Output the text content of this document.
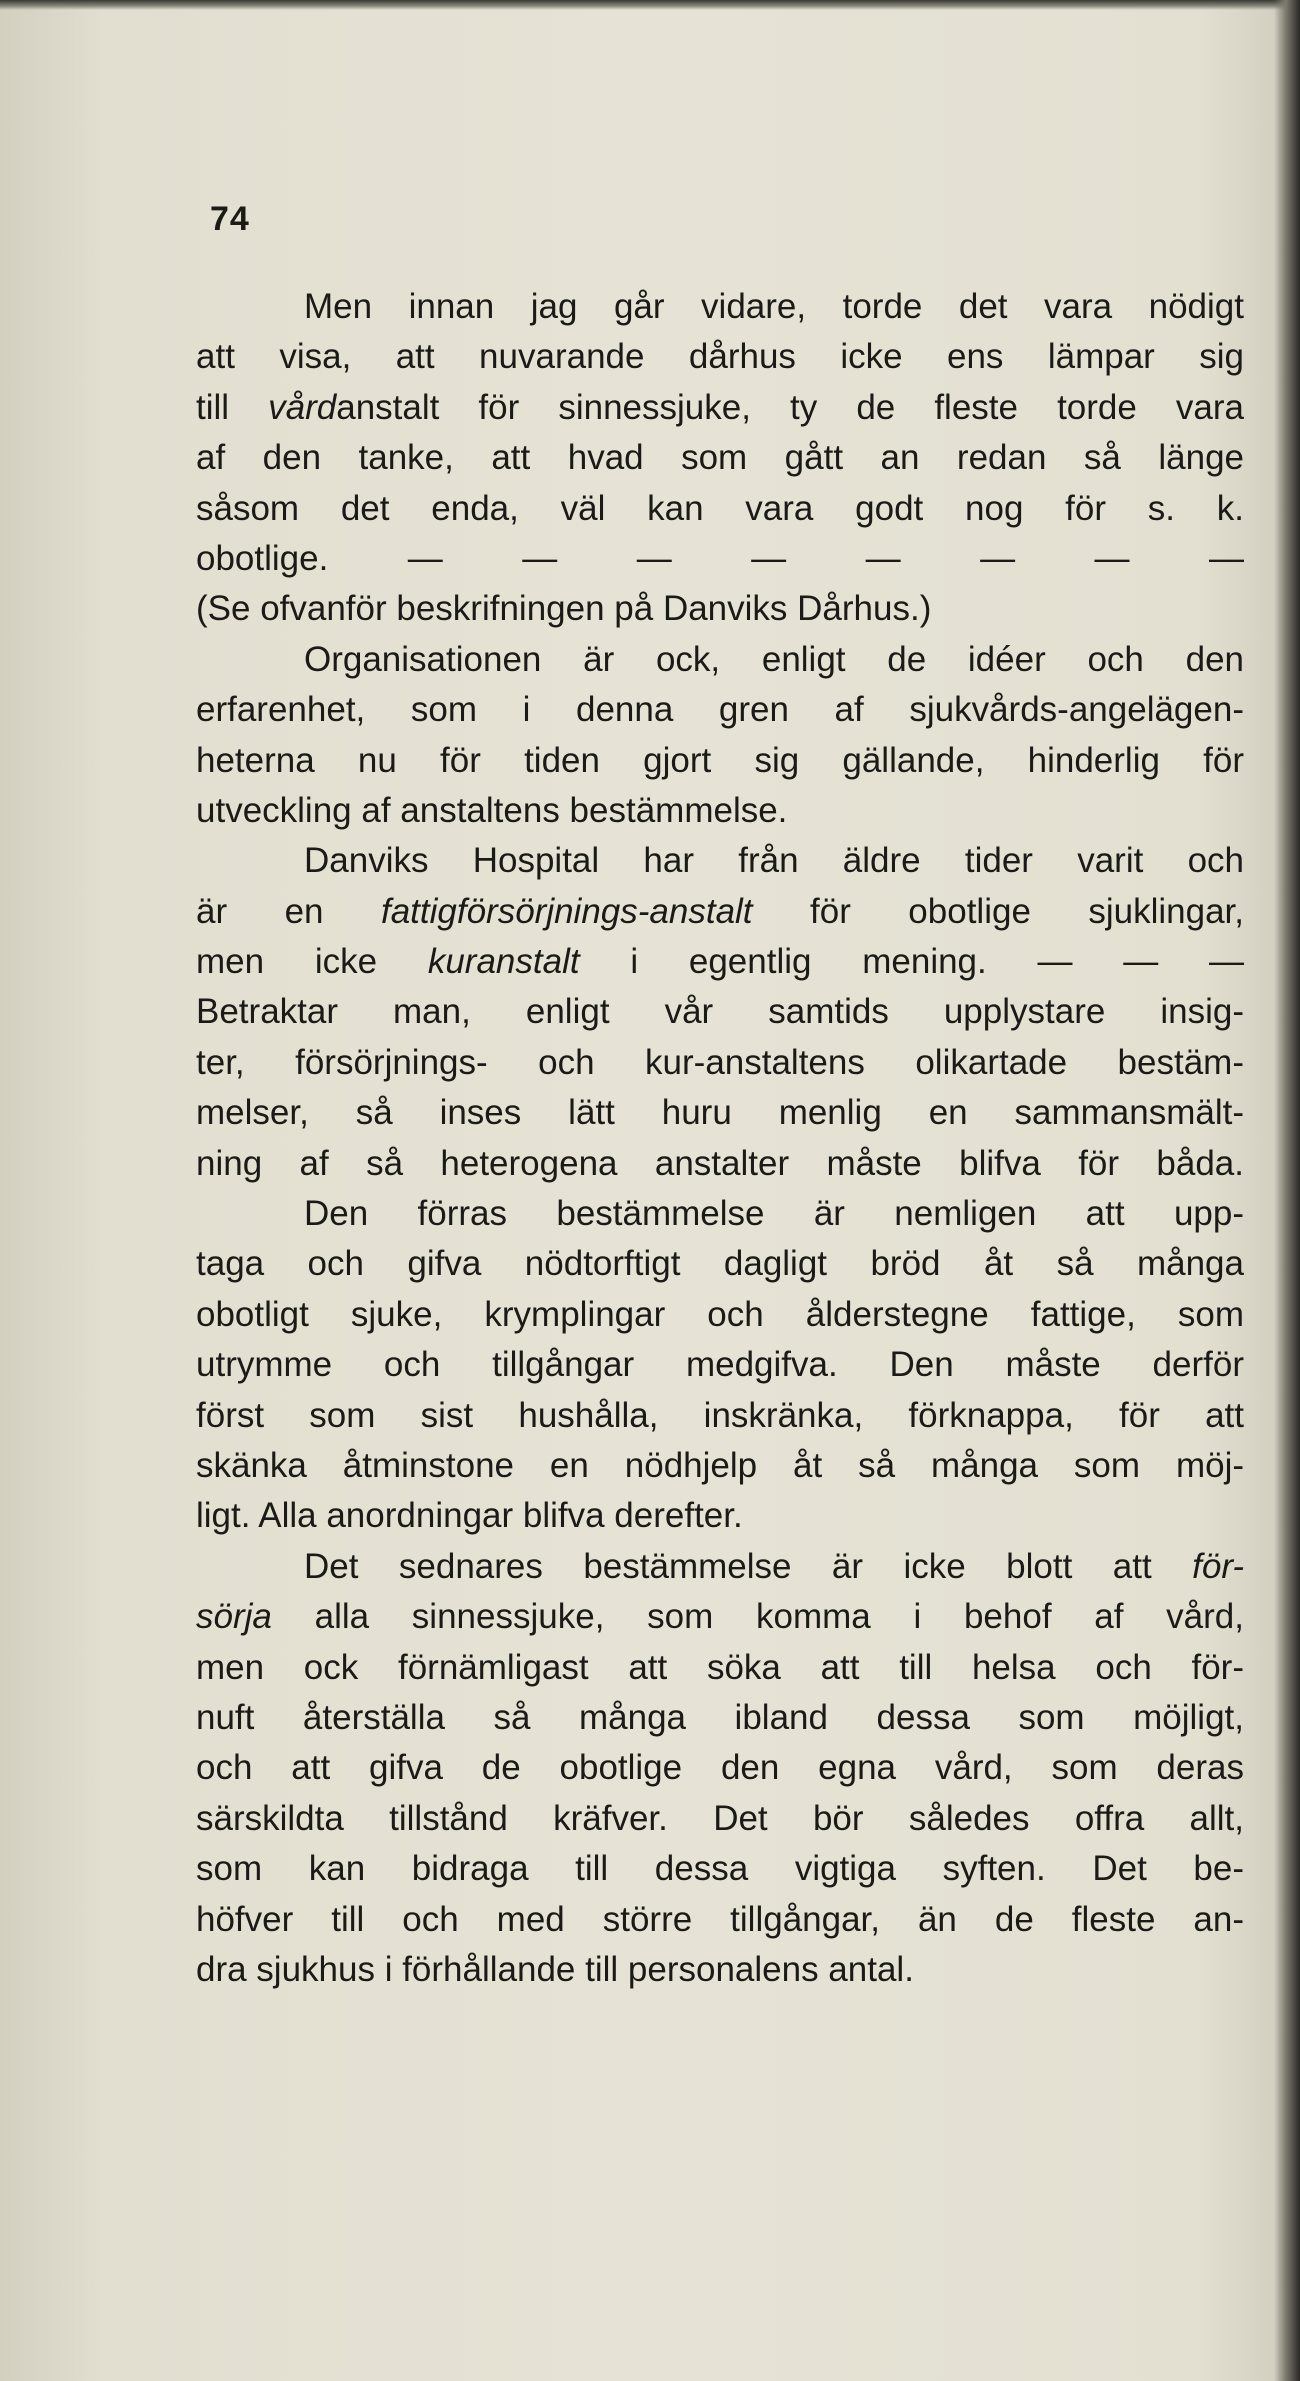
74
Men innan jag går vidare, torde det vara nödigt
att visa, att nuvarande dårhus icke ens lämpar sig
till vårdanstalt för sinnessjuke, ty de fleste torde vara
af den tanke, att hvad som gått an redan så länge
såsom det enda, väl kan vara godt nog för s. k.
obotlige. — — — — — — — —
(Se ofvanför beskrifningen på Danviks Dårhus.)
Organisationen är ock, enligt de idéer och den
erfarenhet, som i denna gren af sjukvårds-angelägen-
heterna nu för tiden gjort sig gällande, hinderlig för
utveckling af anstaltens bestämmelse.
Danviks Hospital har från äldre tider varit och
är en fattigförsörjnings-anstalt för obotlige sjuklingar,
men icke kuranstalt i egentlig mening. — — —
Betraktar man, enligt vår samtids upplystare insig-
ter, försörjnings- och kur-anstaltens olikartade bestäm-
melser, så inses lätt huru menlig en sammansmält-
ning af så heterogena anstalter måste blifva för båda.
Den förras bestämmelse är nemligen att upp-
taga och gifva nödtorftigt dagligt bröd åt så många
obotligt sjuke, krymplingar och ålderstegne fattige, som
utrymme och tillgångar medgifva. Den måste derför
först som sist hushålla, inskränka, förknappa, för att
skänka åtminstone en nödhjelp åt så många som möj-
ligt. Alla anordningar blifva derefter.
Det sednares bestämmelse är icke blott att för-
sörja alla sinnessjuke, som komma i behof af vård,
men ock förnämligast att söka att till helsa och för-
nuft återställa så många ibland dessa som möjligt,
och att gifva de obotlige den egna vård, som deras
särskildta tillstånd kräfver. Det bör således offra allt,
som kan bidraga till dessa vigtiga syften. Det be-
höfver till och med större tillgångar, än de fleste an-
dra sjukhus i förhållande till personalens antal.
